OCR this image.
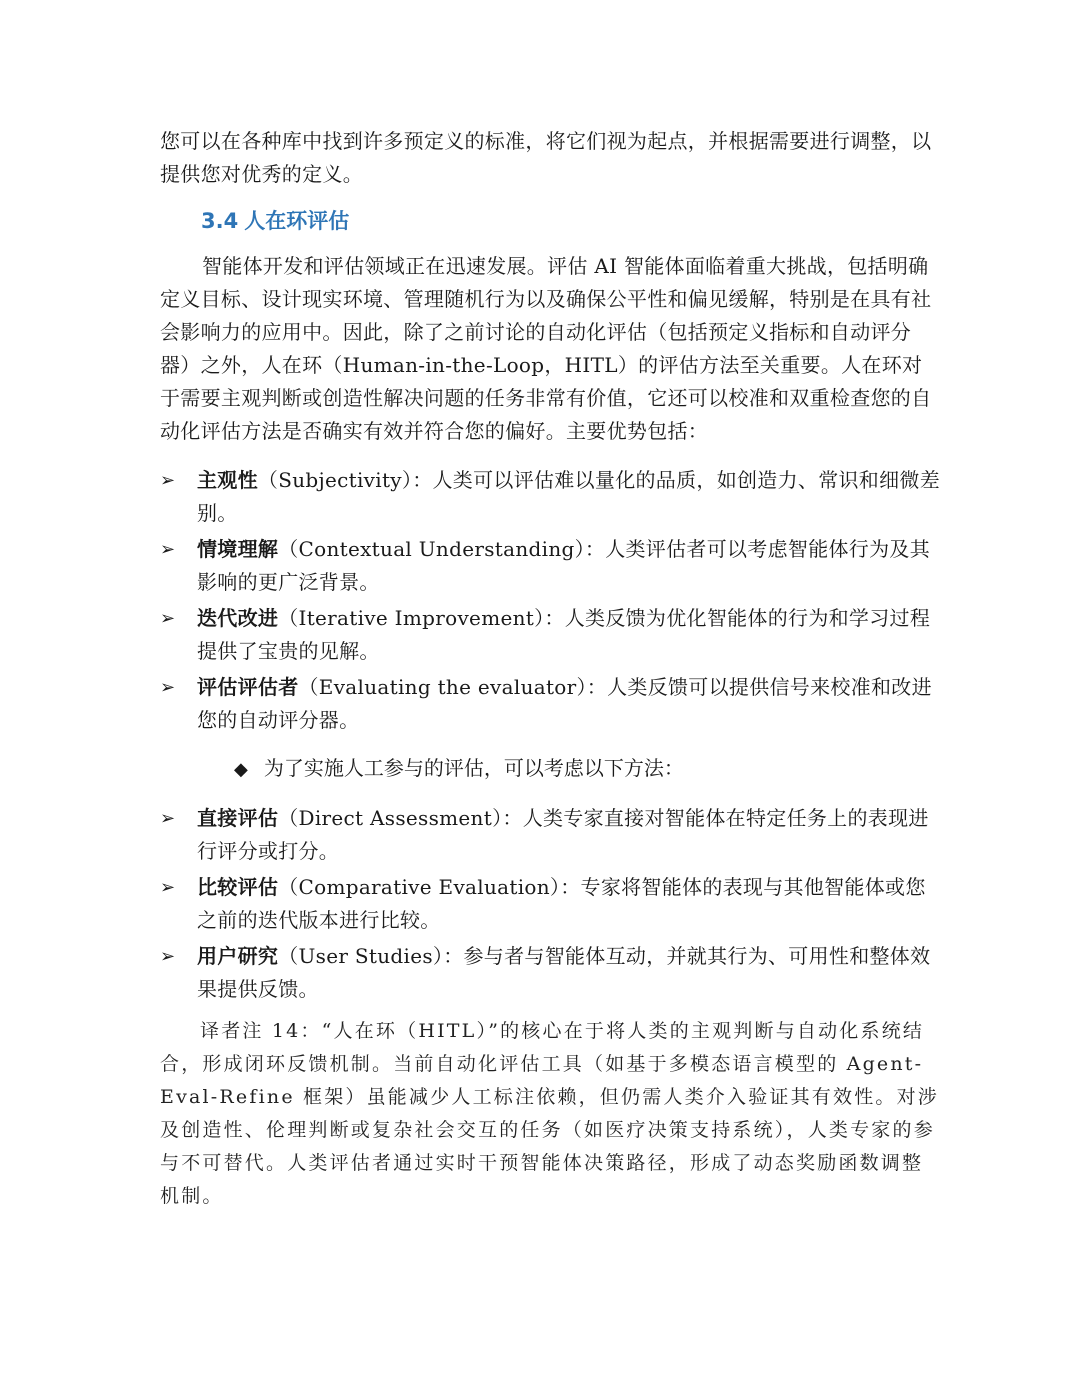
您可以在各种库中找到许多预定义的标准，将它们视为起点，并根据需要进行调整，以提供您对优秀的定义。

3.4 人在环评估

智能体开发和评估领域正在迅速发展。评估 AI 智能体面临着重大挑战，包括明确定义目标、设计现实环境、管理随机行为以及确保公平性和偏见缓解，特别是在具有社会影响力的应用中。因此，除了之前讨论的自动化评估（包括预定义指标和自动评分器）之外，人在环（Human-in-the-Loop，HITL）的评估方法至关重要。人在环对于需要主观判断或创造性解决问题的任务非常有价值，它还可以校准和双重检查您的自动化评估方法是否确实有效并符合您的偏好。主要优势包括：

➢ 主观性（Subjectivity）：人类可以评估难以量化的品质，如创造力、常识和细微差别。
➢ 情境理解（Contextual Understanding）：人类评估者可以考虑智能体行为及其影响的更广泛背景。
➢ 迭代改进（Iterative Improvement）：人类反馈为优化智能体的行为和学习过程提供了宝贵的见解。
➢ 评估评估者（Evaluating the evaluator）：人类反馈可以提供信号来校准和改进您的自动评分器。

◆ 为了实施人工参与的评估，可以考虑以下方法：

➢ 直接评估（Direct Assessment）：人类专家直接对智能体在特定任务上的表现进行评分或打分。
➢ 比较评估（Comparative Evaluation）：专家将智能体的表现与其他智能体或您之前的迭代版本进行比较。
➢ 用户研究（User Studies）：参与者与智能体互动，并就其行为、可用性和整体效果提供反馈。

译者注 14：“人在环（HITL）”的核心在于将人类的主观判断与自动化系统结合，形成闭环反馈机制。当前自动化评估工具（如基于多模态语言模型的 Agent-Eval-Refine 框架）虽能减少人工标注依赖，但仍需人类介入验证其有效性。对涉及创造性、伦理判断或复杂社会交互的任务（如医疗决策支持系统），人类专家的参与不可替代。人类评估者通过实时干预智能体决策路径，形成了动态奖励函数调整机制。
